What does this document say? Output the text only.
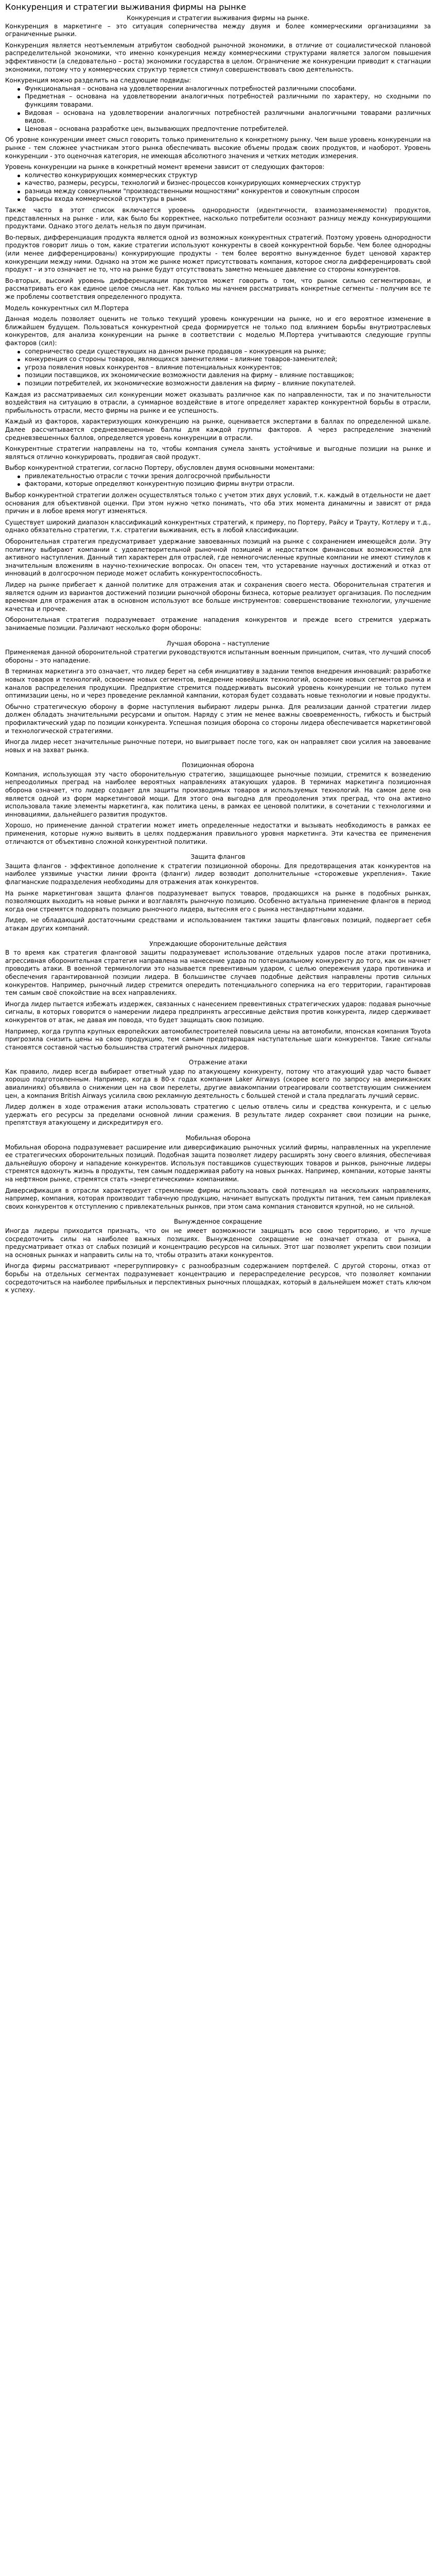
Конкуренция и стратегии выживания фирмы на рынке

Конкуренция и стратегии выживания фирмы на рынке.

Конкуренция в маркетинге – это ситуация соперничества между двумя и более коммерческими организациями за ограниченные рынки.

Конкуренция является неотъемлемым атрибутом свободной рыночной экономики, в отличие от социалистической плановой распределительной экономики, что именно конкуренция между коммерческими структурами является залогом повышения эффективности (а следовательно – роста) экономики государства в целом. Ограничение же конкуренции приводит к стагнации экономики, потому что у коммерческих структур теряется стимул совершенствовать свою деятельность.

Конкуренция можно разделить на следующие подвиды:

Функциональная – основана на удовлетворении аналогичных потребностей различными способами.
Предметная – основана на удовлетворении аналогичных потребностей различными по характеру, но сходными по функциям товарами.
Видовая – основана на удовлетворении аналогичных потребностей различными аналогичными товарами различных видов.
Ценовая – основана разработке цен, вызывающих предпочтение потребителей.

Об уровне конкуренции имеет смысл говорить только применительно к конкретному рынку. Чем выше уровень конкуренции на рынке - тем сложнее участникам этого рынка обеспечивать высокие объемы продаж своих продуктов, и наоборот. Уровень конкуренции - это оценочная категория, не имеющая абсолютного значения и четких методик измерения.

Уровень конкуренции на рынке в конкретный момент времени зависит от следующих факторов:

количество конкурирующих коммерческих структур
качество, размеры, ресурсы, технологий и бизнес-процессов конкурирующих коммерческих структур
разница между совокупными "производственными мощностями" конкурентов и совокупным спросом
барьеры входа коммерческой структуры в рынок

Также часто в этот список включается уровень однородности (идентичности, взаимозаменяемости) продуктов, представленных на рынке - или, как было бы корректнее, насколько потребители осознают разницу между конкурирующими продуктами. Однако этого делать нельзя по двум причинам.

Во-первых, дифференциация продукта является одной из возможных конкурентных стратегий. Поэтому уровень однородности продуктов говорит лишь о том, какие стратегии используют конкуренты в своей конкурентной борьбе. Чем более однородны (или менее дифференцированы) конкурирующие продукты - тем более вероятно вынужденное будет ценовой характер конкуренции между ними. Однако на этом же рынке может присутствовать компания, которое смогла дифференцировать свой продукт - и это означает не то, что на рынке будут отсутствовать заметно меньшее давление со стороны конкурентов.

Во-вторых, высокий уровень дифференциации продуктов может говорить о том, что рынок сильно сегментирован, и рассматривать его как единое целое смысла нет. Как только мы начнем рассматривать конкретные сегменты - получим все те же проблемы соответствия определенного продукта.

Модель конкурентных сил М.Портера

Данная модель позволяет оценить не только текущий уровень конкуренции на рынке, но и его вероятное изменение в ближайшем будущем. Пользоваться конкурентной среда формируется не только под влиянием борьбы внутриотраслевых конкурентов, для анализа конкуренции на рынке в соответствии с моделью М.Портера учитываются следующие группы факторов (сил):

соперничество среди существующих на данном рынке продавцов – конкуренция на рынке;
конкуренция со стороны товаров, являющихся заменителями – влияние товаров-заменителей;
угроза появления новых конкурентов – влияние потенциальных конкурентов;
позиции поставщиков, их экономические возможности давления на фирму – влияние поставщиков;
позиции потребителей, их экономические возможности давления на фирму – влияние покупателей.

Каждая из рассматриваемых сил конкуренции может оказывать различное как по направленности, так и по значительности воздействия на ситуацию в отрасли, а суммарное воздействие в итоге определяет характер конкурентной борьбы в отрасли, прибыльность отрасли, место фирмы на рынке и ее успешность.

Каждый из факторов, характеризующих конкуренцию на рынке, оценивается экспертами в баллах по определенной шкале. Далее рассчитывается средневзвешенные баллы для каждой группы факторов. А через распределение значений средневзвешенных баллов, определяется уровень конкуренции в отрасли.

Конкурентные стратегии направлены на то, чтобы компания сумела занять устойчивые и выгодные позиции на рынке и являться отлично конкурировать, продвигая свой продукт.

Выбор конкурентной стратегии, согласно Портеру, обусловлен двумя основными моментами:

привлекательностью отрасли с точки зрения долгосрочной прибыльности
факторами, которые определяют конкурентную позицию фирмы внутри отрасли.

Выбор конкурентной стратегии должен осуществляться только с учетом этих двух условий, т.к. каждый в отдельности не дает основания для объективной оценки. При этом нужно четко понимать, что оба этих момента динамичны и зависят от ряда причин и в любое время могут изменяться.

Существует широкий диапазон классификаций конкурентных стратегий, к примеру, по Портеру, Райсу и Трауту, Котлеру и т.д., однако обязательно стратегии, т.к. стратегии выживания, есть в любой классификации.

Оборонительная стратегия предусматривает удержание завоеванных позиций на рынке с сохранением имеющейся доли. Эту политику выбирают компании с удовлетворительной рыночной позицией и недостатком финансовых возможностей для активного наступления. Данный тип характерен для отраслей, где немногочисленные крупные компании не имеют стимулов к значительным вложениям в научно-технические вопросах. Он опасен тем, что устаревание научных достижений и отказ от инноваций в долгосрочном периоде может ослабить конкурентоспособность.

Лидер на рынке прибегает к данной политике для отражения атак и сохранения своего места. Оборонительная стратегия и является одним из вариантов достижений позиции рыночной обороны бизнеса, которые реализует организация. По последним временам для отражения атак в основном используют все больше инструментов: совершенствование технологии, улучшение качества и прочее.

Оборонительная стратегия подразумевает отражение нападения конкурентов и прежде всего стремится удержать занимаемые позиции. Различают несколько форм обороны:

Лучшая оборона – наступление

Применяемая данной оборонительной стратегии руководствуются испытанным военным принципом, считая, что лучший способ обороны – это нападение.

В терминах маркетинга это означает, что лидер берет на себя инициативу в задании темпов внедрения инноваций: разработке новых товаров и технологий, освоение новых сегментов, внедрение новейших технологий, освоение новых сегментов рынка и каналов распределения продукции. Предприятие стремится поддерживать высокий уровень конкуренции не только путем оптимизации цены, но и через проведение рекламной кампании, которая будет создавать новые технологии и новые продукты.

Обычно стратегическую оборону в форме наступления выбирают лидеры рынка. Для реализации данной стратегии лидер должен обладать значительными ресурсами и опытом. Наряду с этим не менее важны своевременность, гибкость и быстрый профилактический удар по позиции конкурента. Успешная позиция оборона со стороны лидера обеспечивается маркетинговой и технологической стратегиями.

Иногда лидер несет значительные рыночные потери, но выигрывает после того, как он направляет свои усилия на завоевание новых и на захват рынка.

Позиционная оборона

Компания, использующая эту часто оборонительную стратегию, защищающее рыночные позиции, стремится к возведению непреодолимых преград на наиболее вероятных направлениях атакующих ударов. В терминах маркетинга позиционная оборона означает, что лидер создает для защиты производимых товаров и используемых технологий. На самом деле она является одной из форм маркетинговой мощи. Для этого она выгодна для преодоления этих преград, что она активно использовала такие элементы маркетинга, как политика цены, в рамках ее ценовой политики, в сочетании с технологиями и инновациями, дальнейшего развития продуктов.

Хорошо, но применение данной стратегии может иметь определенные недостатки и вызывать необходимость в рамках ее применения, которые нужно выявить в целях поддержания правильного уровня маркетинга. Эти качества ее применения отличаются от объективно сложной конкурентной политики.

Защита флангов

Защита флангов - эффективное дополнение к стратегии позиционной обороны. Для предотвращения атак конкурентов на наиболее уязвимые участки линии фронта (фланги) лидер возводит дополнительные «сторожевые укрепления». Такие флагманские подразделения необходимы для отражения атак конкурентов.

На рынке маркетинговая защита флангов подразумевает выпуск товаров, продающихся на рынке в подобных рынках, позволяющих выходить на новые рынки и возглавлять рыночную позицию. Особенно актуальна применение флангов в период когда они стремятся подорвать позицию рыночного лидера, вытесняя его с рынка нестандартными ходами.

Лидер, не обладающий достаточными средствами и использованием тактики защиты фланговых позиций, подвергает себя атакам других компаний.

Упреждающие оборонительные действия

В то время как стратегия фланговой защиты подразумевает использование отдельных ударов после атаки противника, агрессивная оборонительная стратегия направлена на нанесение удара по потенциальному конкуренту до того, как он начнет проводить атаки. В военной терминологии это называется превентивным ударом, с целью опережения удара противника и обеспечения гарантированной позиции лидера. В большинстве случаев подобные действия направлены против сильных конкурентов. Например, рыночный лидер стремится опередить потенциального соперника на его территории, гарантировав тем самым своё спокойствие на всех направлениях.

Иногда лидер пытается избежать издержек, связанных с нанесением превентивных стратегических ударов: подавая рыночные сигналы, в которых говорится о намерении лидера предпринять агрессивные действия против конкурента, лидер сдерживает конкурентов от атак, не давая им повода, что будет защищать свою позицию.

Например, когда группа крупных европейских автомобилестроителей повысила цены на автомобили, японская компания Toyota пригрозила снизить цены на свою продукцию, тем самым предотвращая наступательные шаги конкурентов. Такие сигналы становятся составной частью большинства стратегий рыночных лидеров.

Отражение атаки

Как правило, лидер всегда выбирает ответный удар по атакующему конкуренту, потому что атакующий удар часто бывает хорошо подготовленным. Например, когда в 80-х годах компания Laker Airways (скорее всего по запросу на американских авиалиниях) объявила о снижении цен на свои перелеты, другие авиакомпании отреагировали соответствующим снижением цен, а компания British Airways усилила свою рекламную деятельность с большей стеной и стала предлагать лучший сервис.

Лидер должен в ходе отражения атаки использовать стратегию с целью отвлечь силы и средства конкурента, и с целью удержать его ресурсы за пределами основной линии сражения. В результате лидер сохраняет свои позиции на рынке, препятствуя атакующему и дискредитируя его.

Мобильная оборона

Мобильная оборона подразумевает расширение или диверсификацию рыночных усилий фирмы, направленных на укрепление ее стратегических оборонительных позиций. Подобная защита позволяет лидеру расширять зону своего влияния, обеспечивая дальнейшую оборону и нападение конкурентов. Используя поставщиков существующих товаров и рынков, рыночные лидеры стремятся вдохнуть жизнь в продукты, тем самым поддерживая работу на новых рынках. Например, компании, которые заняты на нефтяном рынке, стремятся стать «энергетическими» компаниями.

Диверсификация в отрасли характеризует стремление фирмы использовать свой потенциал на нескольких направлениях, например, компания, которая производит табачную продукцию, начинает выпускать продукты питания, тем самым привлекая своих конкурентов к отступлению с привлекательных рынков, при этом сама компания становится крупной, но не сильной.

Вынужденное сокращение

Иногда лидеры приходится признать, что он не имеет возможности защищать всю свою территорию, и что лучше сосредоточить силы на наиболее важных позициях. Вынужденное сокращение не означает отказа от рынка, а предусматривает отказ от слабых позиций и концентрацию ресурсов на сильных. Этот шаг позволяет укрепить свои позиции на основных рынках и направить силы на то, чтобы отразить атаки конкурентов.

Иногда фирмы рассматривают «перегруппировку» с разнообразным содержанием портфелей. С другой стороны, отказ от борьбы на отдельных сегментах подразумевает концентрацию и перераспределение ресурсов, что позволяет компании сосредоточиться на наиболее прибыльных и перспективных рыночных площадках, который в дальнейшем может стать ключом к успеху.
